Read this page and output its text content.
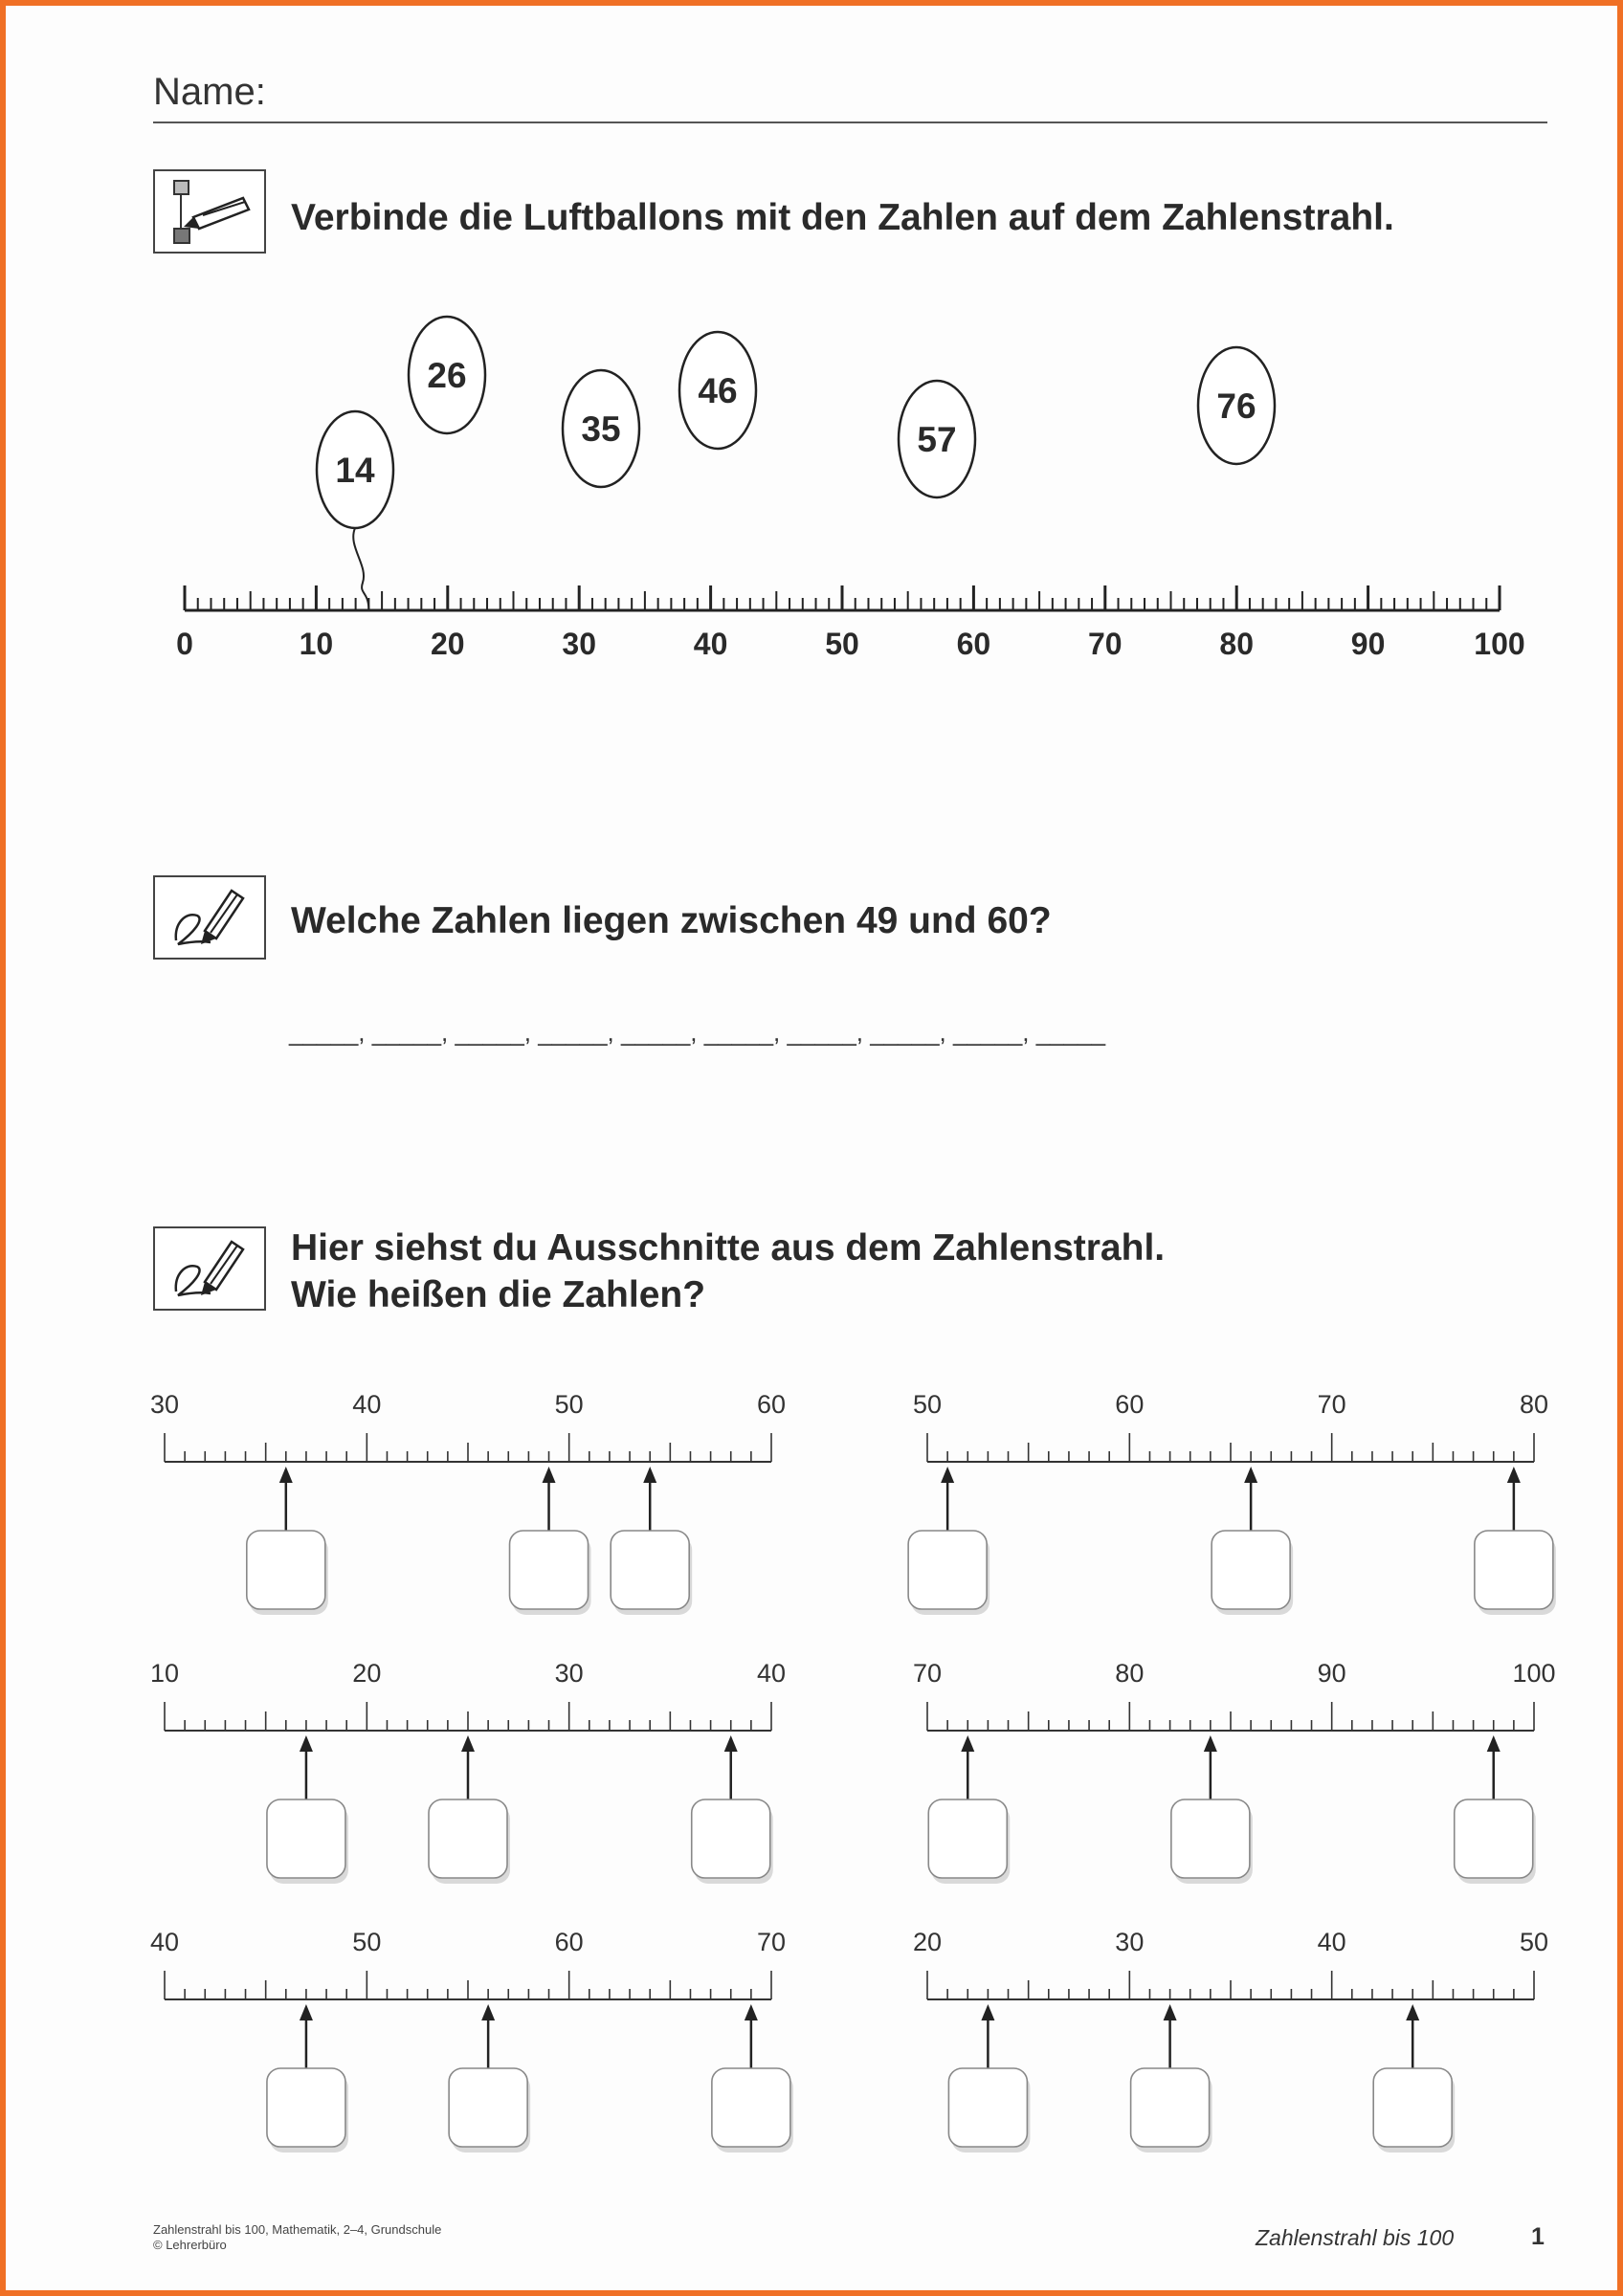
Name:
Verbinde die Luftballons mit den Zahlen auf dem Zahlenstrahl.
14
26
35
46
57
76
0	10	20	30	40	50	60	70	80	90	100
Welche Zahlen liegen zwischen 49 und 60?
_____, _____, _____, _____, _____, _____, _____, _____, _____, _____
Hier siehst du Ausschnitte aus dem Zahlenstrahl.
Wie heißen die Zahlen?
30	40	50	60	50	60	70	80
10	20	30	40	70	80	90	100
40	50	60	70	20	30	40	50
Zahlenstrahl bis 100, Mathematik, 2–4, Grundschule
© Lehrerbüro	Zahlenstrahl bis 100	1
